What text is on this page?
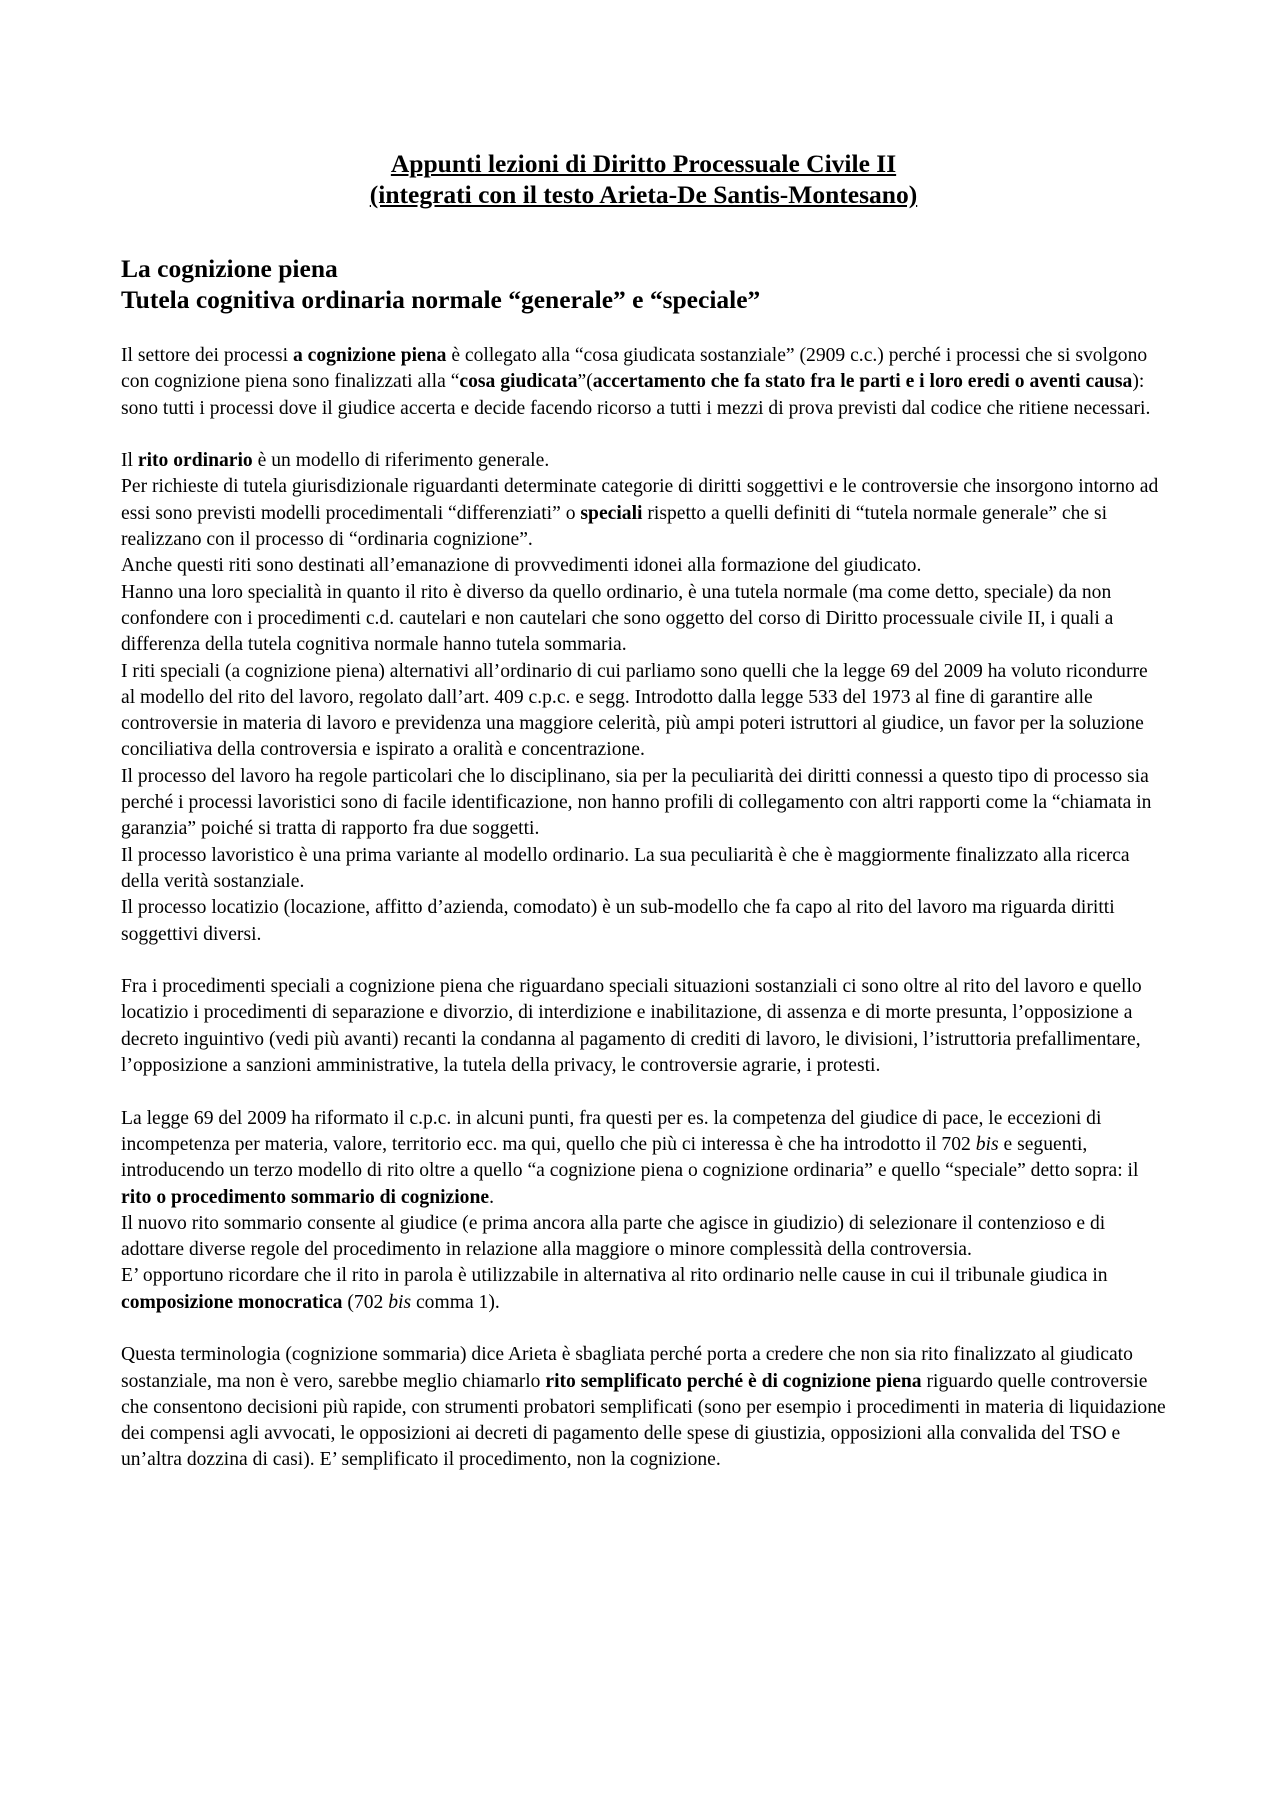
Appunti lezioni di Diritto Processuale Civile II

(integrati con il testo Arieta-De Santis-Montesano)

La cognizione piena

Tutela cognitiva ordinaria normale “generale” e “speciale”

Il settore dei processi a cognizione piena è collegato alla “cosa giudicata sostanziale” (2909 c.c.) perché i processi che si svolgono con cognizione piena sono finalizzati alla “cosa giudicata”(accertamento che fa stato fra le parti e i loro eredi o aventi causa): sono tutti i processi dove il giudice accerta e decide facendo ricorso a tutti i mezzi di prova previsti dal codice che ritiene necessari.

Il rito ordinario è un modello di riferimento generale.
Per richieste di tutela giurisdizionale riguardanti determinate categorie di diritti soggettivi e le controversie che insorgono intorno ad essi sono previsti modelli procedimentali “differenziati” o speciali rispetto a quelli definiti di “tutela normale generale” che si realizzano con il processo di “ordinaria cognizione”.
Anche questi riti sono destinati all’emanazione di provvedimenti idonei alla formazione del giudicato.
Hanno una loro specialità in quanto il rito è diverso da quello ordinario, è una tutela normale (ma come detto, speciale) da non confondere con i procedimenti c.d. cautelari e non cautelari che sono oggetto del corso di Diritto processuale civile II, i quali a differenza della tutela cognitiva normale hanno tutela sommaria.
I riti speciali (a cognizione piena) alternativi all’ordinario di cui parliamo sono quelli che la legge 69 del 2009 ha voluto ricondurre al modello del rito del lavoro, regolato dall’art. 409 c.p.c. e segg. Introdotto dalla legge 533 del 1973 al fine di garantire alle controversie in materia di lavoro e previdenza una maggiore celerità, più ampi poteri istruttori al giudice, un favor per la soluzione conciliativa della controversia e ispirato a oralità e concentrazione.
Il processo del lavoro ha regole particolari che lo disciplinano, sia per la peculiarità dei diritti connessi a questo tipo di processo sia perché i processi lavoristici sono di facile identificazione, non hanno profili di collegamento con altri rapporti come la “chiamata in garanzia” poiché si tratta di rapporto fra due soggetti.
Il processo lavoristico è una prima variante al modello ordinario. La sua peculiarità è che è maggiormente finalizzato alla ricerca della verità sostanziale.
Il processo locatizio (locazione, affitto d’azienda, comodato) è un sub-modello che fa capo al rito del lavoro ma riguarda diritti soggettivi diversi.

Fra i procedimenti speciali a cognizione piena che riguardano speciali situazioni sostanziali ci sono oltre al rito del lavoro e quello locatizio i procedimenti di separazione e divorzio, di interdizione e inabilitazione, di assenza e di morte presunta, l’opposizione a decreto inguintivo (vedi più avanti) recanti la condanna al pagamento di crediti di lavoro, le divisioni, l’istruttoria prefallimentare, l’opposizione a sanzioni amministrative, la tutela della privacy, le controversie agrarie, i protesti.

La legge 69 del 2009 ha riformato il c.p.c. in alcuni punti, fra questi per es. la competenza del giudice di pace, le eccezioni di incompetenza per materia, valore, territorio ecc. ma qui, quello che più ci interessa è che ha introdotto il 702 bis e seguenti, introducendo un terzo modello di rito oltre a quello “a cognizione piena o cognizione ordinaria” e quello “speciale” detto sopra: il rito o procedimento sommario di cognizione.
Il nuovo rito sommario consente al giudice (e prima ancora alla parte che agisce in giudizio) di selezionare il contenzioso e di adottare diverse regole del procedimento in relazione alla maggiore o minore complessità della controversia.
E’ opportuno ricordare che il rito in parola è utilizzabile in alternativa al rito ordinario nelle cause in cui il tribunale giudica in composizione monocratica (702 bis comma 1).

Questa terminologia (cognizione sommaria) dice Arieta è sbagliata perché porta a credere che non sia rito finalizzato al giudicato sostanziale, ma non è vero, sarebbe meglio chiamarlo rito semplificato perché è di cognizione piena riguardo quelle controversie che consentono decisioni più rapide, con strumenti probatori semplificati (sono per esempio i procedimenti in materia di liquidazione dei compensi agli avvocati, le opposizioni ai decreti di pagamento delle spese di giustizia, opposizioni alla convalida del TSO e un’altra dozzina di casi). E’ semplificato il procedimento, non la cognizione.
